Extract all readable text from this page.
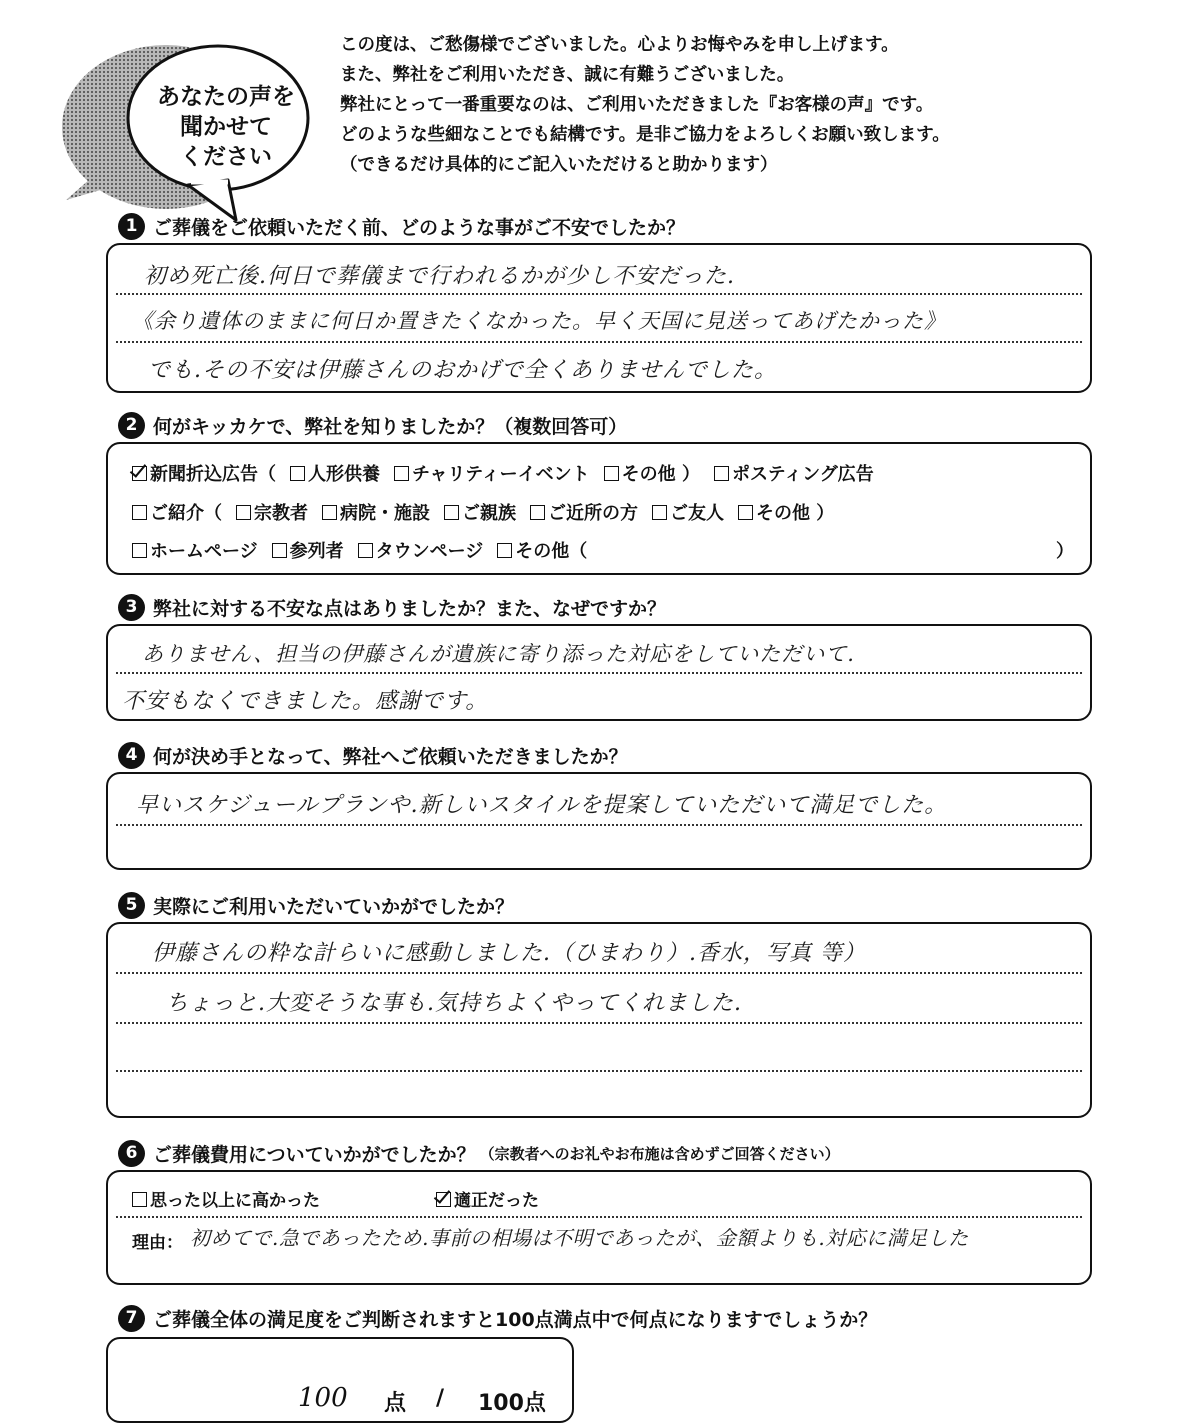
あなたの声を
聞かせて
ください
この度は、ご愁傷様でございました。心よりお悔やみを申し上げます。
また、弊社をご利用いただき、誠に有難うございました。
弊社にとって一番重要なのは、ご利用いただきました『お客様の声』です。
どのような些細なことでも結構です。是非ご協力をよろしくお願い致します。
（できるだけ具体的にご記入いただけると助かります）
1 ご葬儀をご依頼いただく前、どのような事がご不安でしたか？
初め死亡後.何日で葬儀まで行われるかが少し不安だった.
《余り遺体のままに何日か置きたくなかった。早く天国に見送ってあげたかった》
でも.その不安は伊藤さんのおかげで全くありませんでした。
2 何がキッカケで、弊社を知りましたか？（複数回答可）
新聞折込広告（ 人形供養 チャリティーイベント その他 ） ポスティング広告
ご紹介（ 宗教者 病院・施設 ご親族 ご近所の方 ご友人 その他 ）
ホームページ 参列者 タウンページ その他（	）
3 弊社に対する不安な点はありましたか？また、なぜですか？
ありません、担当の伊藤さんが遺族に寄り添った対応をしていただいて.
不安もなくできました。感謝です。
4 何が決め手となって、弊社へご依頼いただきましたか？
早いスケジュールプランや.新しいスタイルを提案していただいて満足でした。
5 実際にご利用いただいていかがでしたか？
伊藤さんの粋な計らいに感動しました.（ひまわり）.香水，写真 等）
ちょっと.大変そうな事も.気持ちよくやってくれました.
6 ご葬儀費用についていかがでしたか？ （宗教者へのお礼やお布施は含めずご回答ください）
思った以上に高かった	適正だった
理由： 初めてで.急であったため.事前の相場は不明であったが、金額よりも.対応に満足した
7 ご葬儀全体の満足度をご判断されますと100点満点中で何点になりますでしょうか？
100 点 / 100点
